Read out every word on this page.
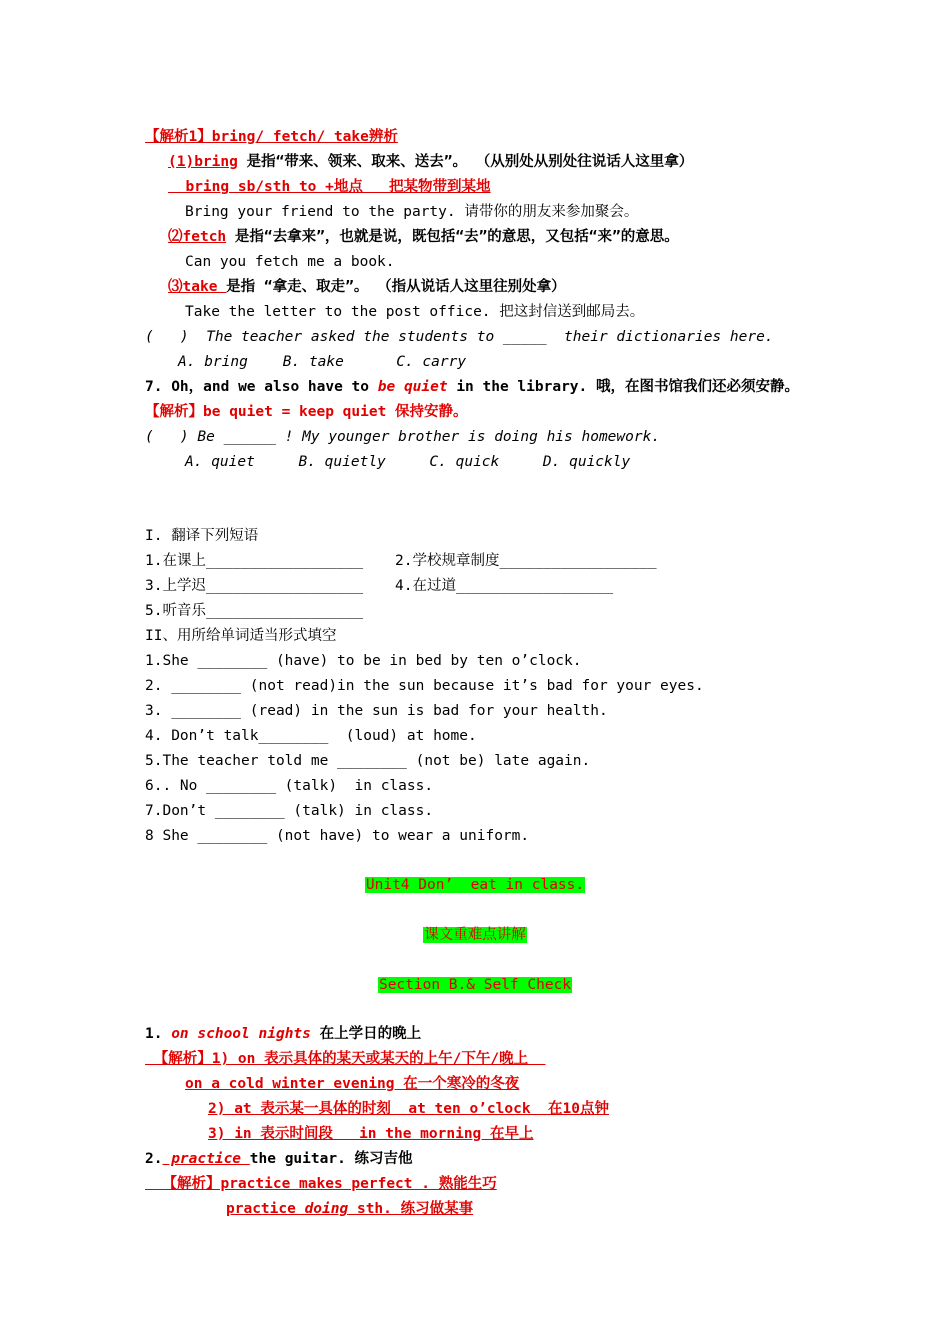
【解析1】bring/ fetch/ take辨析
(1)bring 是指“带来、领来、取来、送去”。 （从别处从别处往说话人这里拿）
bring sb/sth to +地点   把某物带到某地
Bring your friend to the party. 请带你的朋友来参加聚会。
⑵fetch 是指“去拿来”，也就是说，既包括“去”的意思，又包括“来”的意思。
Can you fetch me a book.
⑶take 是指 “拿走、取走”。 （指从说话人这里往别处拿）
Take the letter to the post office. 把这封信送到邮局去。
(   )  The teacher asked the students to _____  their dictionaries here.
A. bring    B. take      C. carry
7. Oh，and we also have to be quiet in the library. 哦，在图书馆我们还必须安静。
【解析】be quiet = keep quiet 保持安静。
(   ) Be ______ ! My younger brother is doing his homework.
A. quiet     B. quietly     C. quick     D. quickly
I. 翻译下列短语
1.在课上__________________ 2.学校规章制度__________________
3.上学迟__________________ 4.在过道__________________
5.听音乐__________________
II、用所给单词适当形式填空
1.She ________ (have) to be in bed by ten o’clock.
2. ________ (not read)in the sun because it’s bad for your eyes.
3. ________ (read) in the sun is bad for your health.
4. Don’t talk________  (loud) at home.
5.The teacher told me ________ (not be) late again.
6.. No ________ (talk)  in class.
7.Don’t ________ (talk) in class.
8 She ________ (not have) to wear a uniform.
Unit4 Don’  eat in class.
课文重难点讲解
Section B.& Self Check
1. on school nights 在上学日的晚上
【解析】1) on 表示具体的某天或某天的上午/下午/晚上
on a cold winter evening 在一个寒冷的冬夜
2) at 表示某一具体的时刻  at ten o’clock  在10点钟
3) in 表示时间段   in the morning 在早上
2. practice the guitar. 练习吉他
【解析】practice makes perfect . 熟能生巧
practice doing sth. 练习做某事
